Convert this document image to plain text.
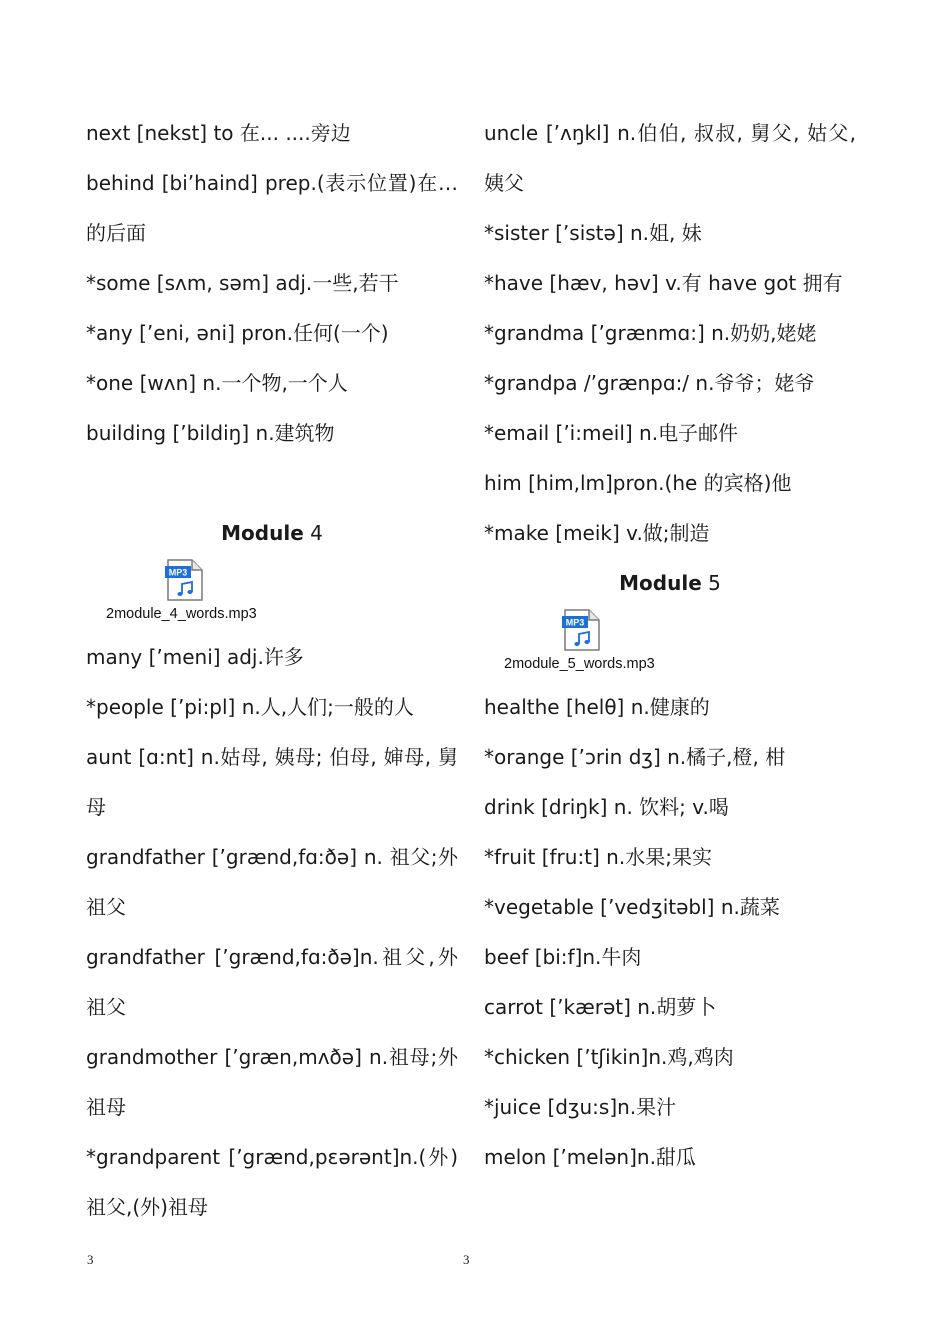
next [nekst] to 在... ....旁边

behind [bi’haind] prep.(表示位置)在…的后面

*some [sʌm, səm] adj.一些,若干

*any [’eni, əni] pron.任何(一个)

*one [wʌn] n.一个物,一个人

building [’bildiŋ] n.建筑物

Module 4

MP3
2module_4_words.mp3

many [’meni] adj.许多

*people [’pi:pl] n.人,人们;一般的人

aunt [ɑ:nt] n.姑母, 姨母; 伯母, 婶母, 舅母

grandfather [’grænd,fɑ:ðə] n. 祖父;外祖父

grandfather [’grænd,fɑ:ðə]n.祖父,外祖父

grandmother [’græn,mʌðə] n.祖母;外祖母

*grandparent [’grænd,pɛərənt]n.(外)祖父,(外)祖母

uncle [’ʌŋkl] n.伯伯, 叔叔, 舅父, 姑父, 姨父

*sister [’sistə] n.姐, 妹

*have [hæv, həv] v.有 have got 拥有

*grandma [’grænmɑ:] n.奶奶,姥姥

*grandpa /’grænpɑ:/ n.爷爷；姥爷

*email [’i:meil] n.电子邮件

him [him,lm]pron.(he 的宾格)他

*make [meik] v.做;制造

Module 5

MP3
2module_5_words.mp3

healthe [helθ] n.健康的

*orange [’ɔrin dʒ] n.橘子,橙, 柑

drink [driŋk] n. 饮料; v.喝

*fruit [fru:t] n.水果;果实

*vegetable [’vedʒitəbl] n.蔬菜

beef [bi:f]n.牛肉

carrot [’kærət] n.胡萝卜

*chicken [’tʃikin]n.鸡,鸡肉

*juice [dʒu:s]n.果汁

melon [’melən]n.甜瓜

3	3
